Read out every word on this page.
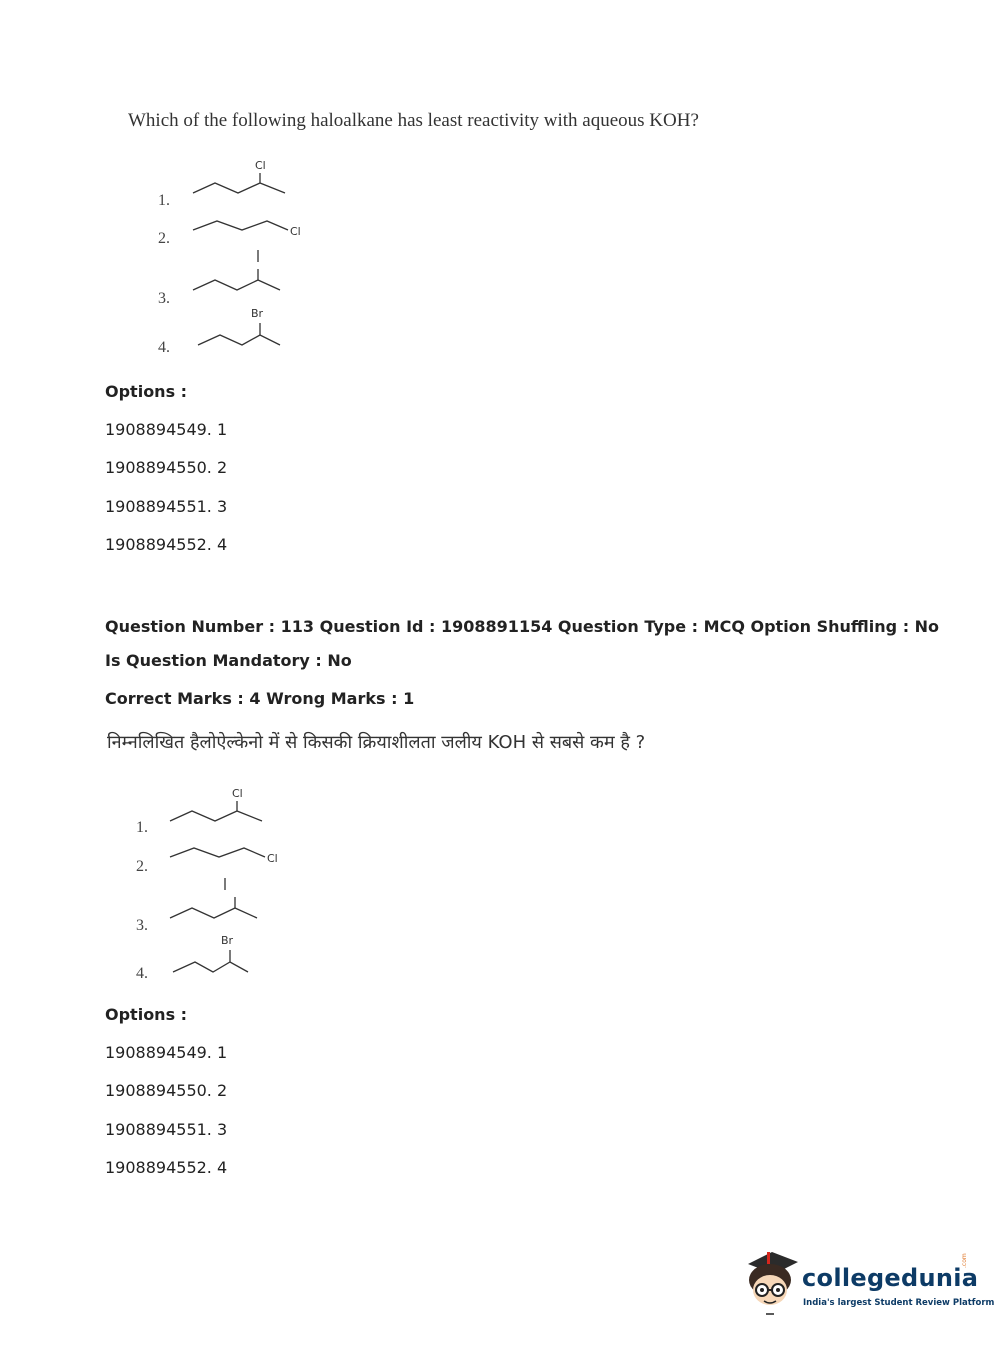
Which of the following haloalkane has least reactivity with aqueous KOH?
1.
2.
3.
4.
Cl
Cl
Br
Options :
1908894549. 1
1908894550. 2
1908894551. 3
1908894552. 4
Question Number : 113 Question Id : 1908891154 Question Type : MCQ Option Shuffling : No
Is Question Mandatory : No
Correct Marks : 4 Wrong Marks : 1
निम्नलिखित हैलोऐल्केनो में से किसकी क्रियाशीलता जलीय KOH से सबसे कम है ?
1.
2.
3.
4.
Cl
Cl
Br
Options :
1908894549. 1
1908894550. 2
1908894551. 3
1908894552. 4
collegedunia
.com
India's largest Student Review Platform
